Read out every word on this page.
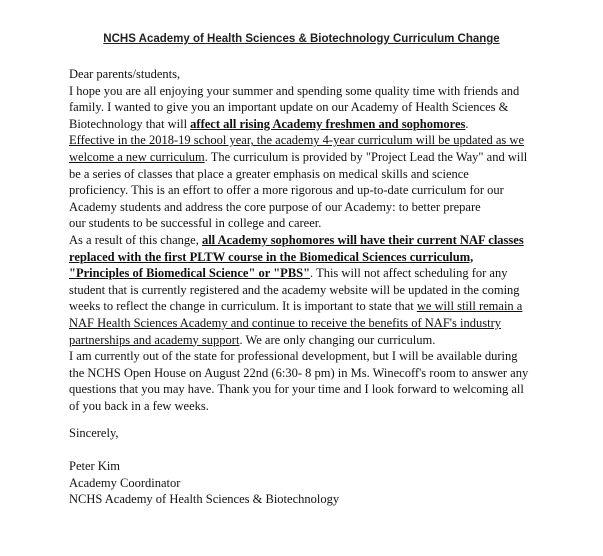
NCHS Academy of Health Sciences & Biotechnology Curriculum Change
Dear parents/students,
I hope you are all enjoying your summer and spending some quality time with friends and
family. I wanted to give you an important update on our Academy of Health Sciences &
Biotechnology that will affect all rising Academy freshmen and sophomores.
Effective in the 2018-19 school year, the academy 4-year curriculum will be updated as we
welcome a new curriculum. The curriculum is provided by "Project Lead the Way" and will
be a series of classes that place a greater emphasis on medical skills and science
proficiency. This is an effort to offer a more rigorous and up-to-date curriculum for our
Academy students and address the core purpose of our Academy: to better prepare
our students to be successful in college and career.
As a result of this change, all Academy sophomores will have their current NAF classes
replaced with the first PLTW course in the Biomedical Sciences curriculum,
"Principles of Biomedical Science" or "PBS". This will not affect scheduling for any
student that is currently registered and the academy website will be updated in the coming
weeks to reflect the change in curriculum. It is important to state that we will still remain a
NAF Health Sciences Academy and continue to receive the benefits of NAF's industry
partnerships and academy support. We are only changing our curriculum.
I am currently out of the state for professional development, but I will be available during
the NCHS Open House on August 22nd (6:30- 8 pm) in Ms. Winecoff's room to answer any
questions that you may have. Thank you for your time and I look forward to welcoming all
of you back in a few weeks.
Sincerely,
Peter Kim
Academy Coordinator
NCHS Academy of Health Sciences & Biotechnology
